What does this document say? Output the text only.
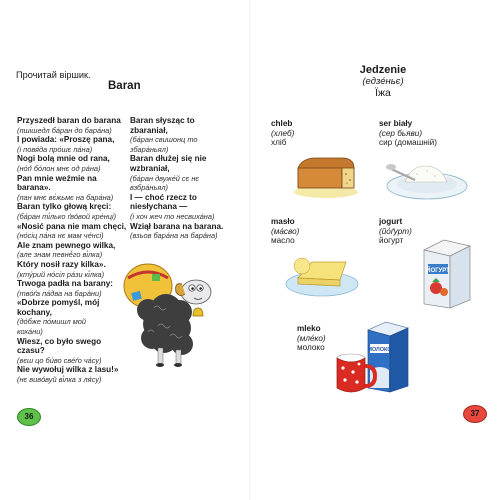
Прочитай віршик.
Baran
Przyszedł baran do barana
(пшішедл ба́ран до бара́на)
I powiada: «Proszę pana,
(і повя́да про́шє па́на)
Nogi bolą mnie od rana,
(но́ґі бо́лон мнє од ра́на)
Pan mnie weźmie na
barana».
(пан мнє вє́жьмє на бара́на)
Baran tylko głową kręci:
(ба́ран ті́лько ґвóвой кре́нці)
«Nosić pana nie mam chęci,
(но́сіц па́на нє мам че́нсі)
Ale znam pewnego wilka,
(але знам певнé́го ві́лка)
Który nosił razy kilka».
(кту́рий но́сіл ра́зи кі́лка)
Trwoga padła na barany:
(тво́ґа па́два на бара́ни)
«Dobrze pomyśl, mój
kochany,
(до́бже по́мишл мой
коха́ни)
Wiesz, co było swego
czasu?
(вєш цо би́во све́ґо ча́су)
Nie wywołuj wilka z lasu!»
(нє вивóвуй ві́лка з ля́су)
Baran słysząc to
zbaraniał,
(ба́ран свишонц то
збара́ньял)
Baran dłużej się nie
wzbraniał,
(ба́ран двуже́й сє нє
взбра́ньял)
I — choć rzecz to
niesłychana —
(і хоч жеч то несвиха́на)
Wziął barana na barana.
(взьов бара́на на бара́на)
36
Jedzenie
(едзе́ньє)
Їжа
chleb
(хлеб)
хліб
ser biały
(сер бьяви)
сир (домашній)
masło
(ма́сво)
масло
jogurt
(йо́ґурт)
йогурт
mleko
(мле́ко)
молоко
ЙОГУРТ
МОЛОКО
37
